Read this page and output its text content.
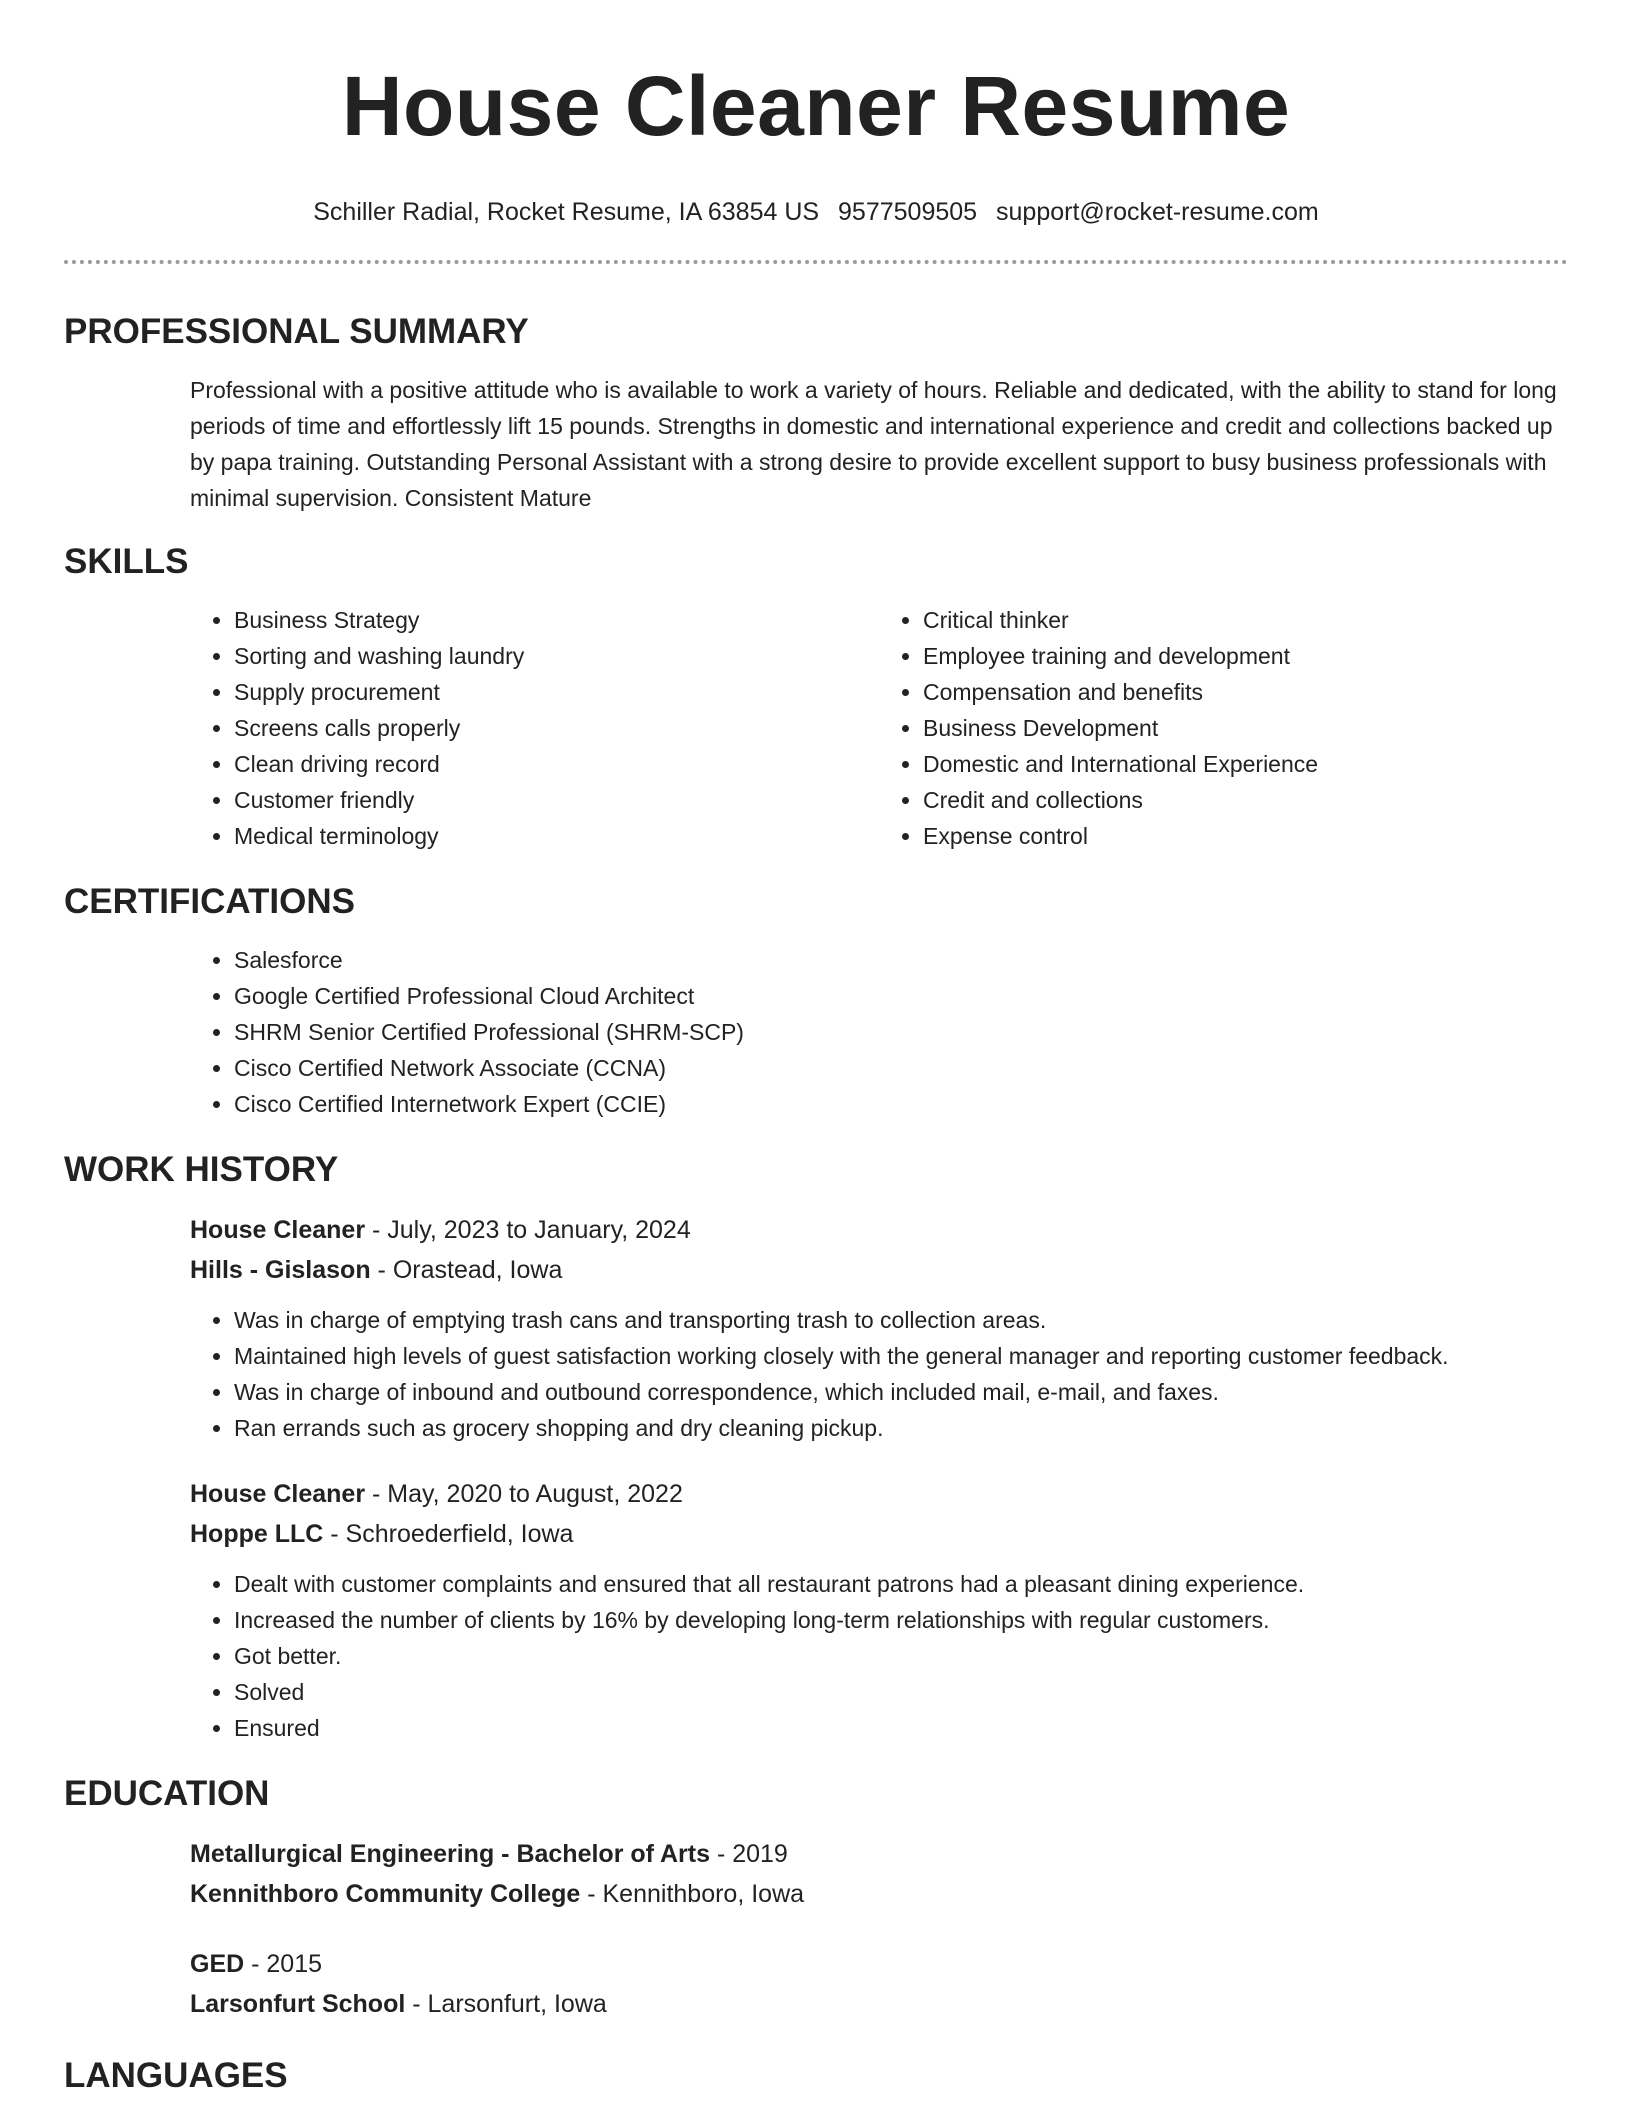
House Cleaner Resume
Schiller Radial, Rocket Resume, IA 63854 US 9577509505 support@rocket-resume.com
PROFESSIONAL SUMMARY

Professional with a positive attitude who is available to work a variety of hours. Reliable and dedicated, with the ability to stand for long periods of time and effortlessly lift 15 pounds. Strengths in domestic and international experience and credit and collections backed up by papa training. Outstanding Personal Assistant with a strong desire to provide excellent support to busy business professionals with minimal supervision. Consistent Mature

SKILLS
• Business Strategy
• Sorting and washing laundry
• Supply procurement
• Screens calls properly
• Clean driving record
• Customer friendly
• Medical terminology
• Critical thinker
• Employee training and development
• Compensation and benefits
• Business Development
• Domestic and International Experience
• Credit and collections
• Expense control
CERTIFICATIONS
• Salesforce
• Google Certified Professional Cloud Architect
• SHRM Senior Certified Professional (SHRM-SCP)
• Cisco Certified Network Associate (CCNA)
• Cisco Certified Internetwork Expert (CCIE)
WORK HISTORY
House Cleaner - July, 2023 to January, 2024
Hills - Gislason - Orastead, Iowa
• Was in charge of emptying trash cans and transporting trash to collection areas.
• Maintained high levels of guest satisfaction working closely with the general manager and reporting customer feedback.
• Was in charge of inbound and outbound correspondence, which included mail, e-mail, and faxes.
• Ran errands such as grocery shopping and dry cleaning pickup.
House Cleaner - May, 2020 to August, 2022
Hoppe LLC - Schroederfield, Iowa
• Dealt with customer complaints and ensured that all restaurant patrons had a pleasant dining experience.
• Increased the number of clients by 16% by developing long-term relationships with regular customers.
• Got better.
• Solved
• Ensured
EDUCATION
Metallurgical Engineering - Bachelor of Arts - 2019
Kennithboro Community College - Kennithboro, Iowa
GED - 2015
Larsonfurt School - Larsonfurt, Iowa
LANGUAGES
